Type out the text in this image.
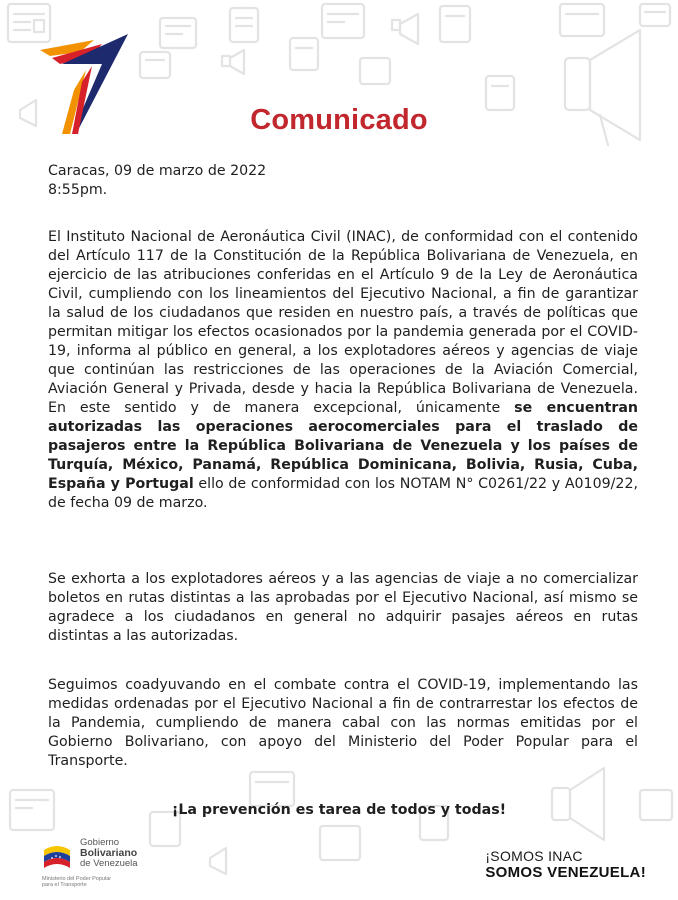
Comunicado
Caracas, 09 de marzo de 2022
8:55pm.
El Instituto Nacional de Aeronáutica Civil (INAC), de conformidad con el contenido del Artículo 117 de la Constitución de la República Bolivariana de Venezuela, en ejercicio de las atribuciones conferidas en el Artículo 9 de la Ley de Aeronáutica Civil, cumpliendo con los lineamientos del Ejecutivo Nacional, a fin de garantizar la salud de los ciudadanos que residen en nuestro país, a través de políticas que permitan mitigar los efectos ocasionados por la pandemia generada por el COVID-19, informa al público en general, a los explotadores aéreos y agencias de viaje que continúan las restricciones de las operaciones de la Aviación Comercial, Aviación General y Privada, desde y hacia la República Bolivariana de Venezuela. En este sentido y de manera excepcional, únicamente se encuentran autorizadas las operaciones aerocomerciales para el traslado de pasajeros entre la República Bolivariana de Venezuela y los países de Turquía, México, Panamá, República Dominicana, Bolivia, Rusia, Cuba, España y Portugal ello de conformidad con los NOTAM N° C0261/22 y A0109/22, de fecha 09 de marzo.
Se exhorta a los explotadores aéreos y a las agencias de viaje a no comercializar boletos en rutas distintas a las aprobadas por el Ejecutivo Nacional, así mismo se agradece a los ciudadanos en general no adquirir pasajes aéreos en rutas distintas a las autorizadas.
Seguimos coadyuvando en el combate contra el COVID-19, implementando las medidas ordenadas por el Ejecutivo Nacional a fin de contrarrestar los efectos de la Pandemia, cumpliendo de manera cabal con las normas emitidas por el Gobierno Bolivariano, con apoyo del Ministerio del Poder Popular para el Transporte.
¡La prevención es tarea de todos y todas!
Gobierno
Bolivariano
de Venezuela
Ministerio del Poder Popular para el Transporte
¡SOMOS INAC
SOMOS VENEZUELA!
